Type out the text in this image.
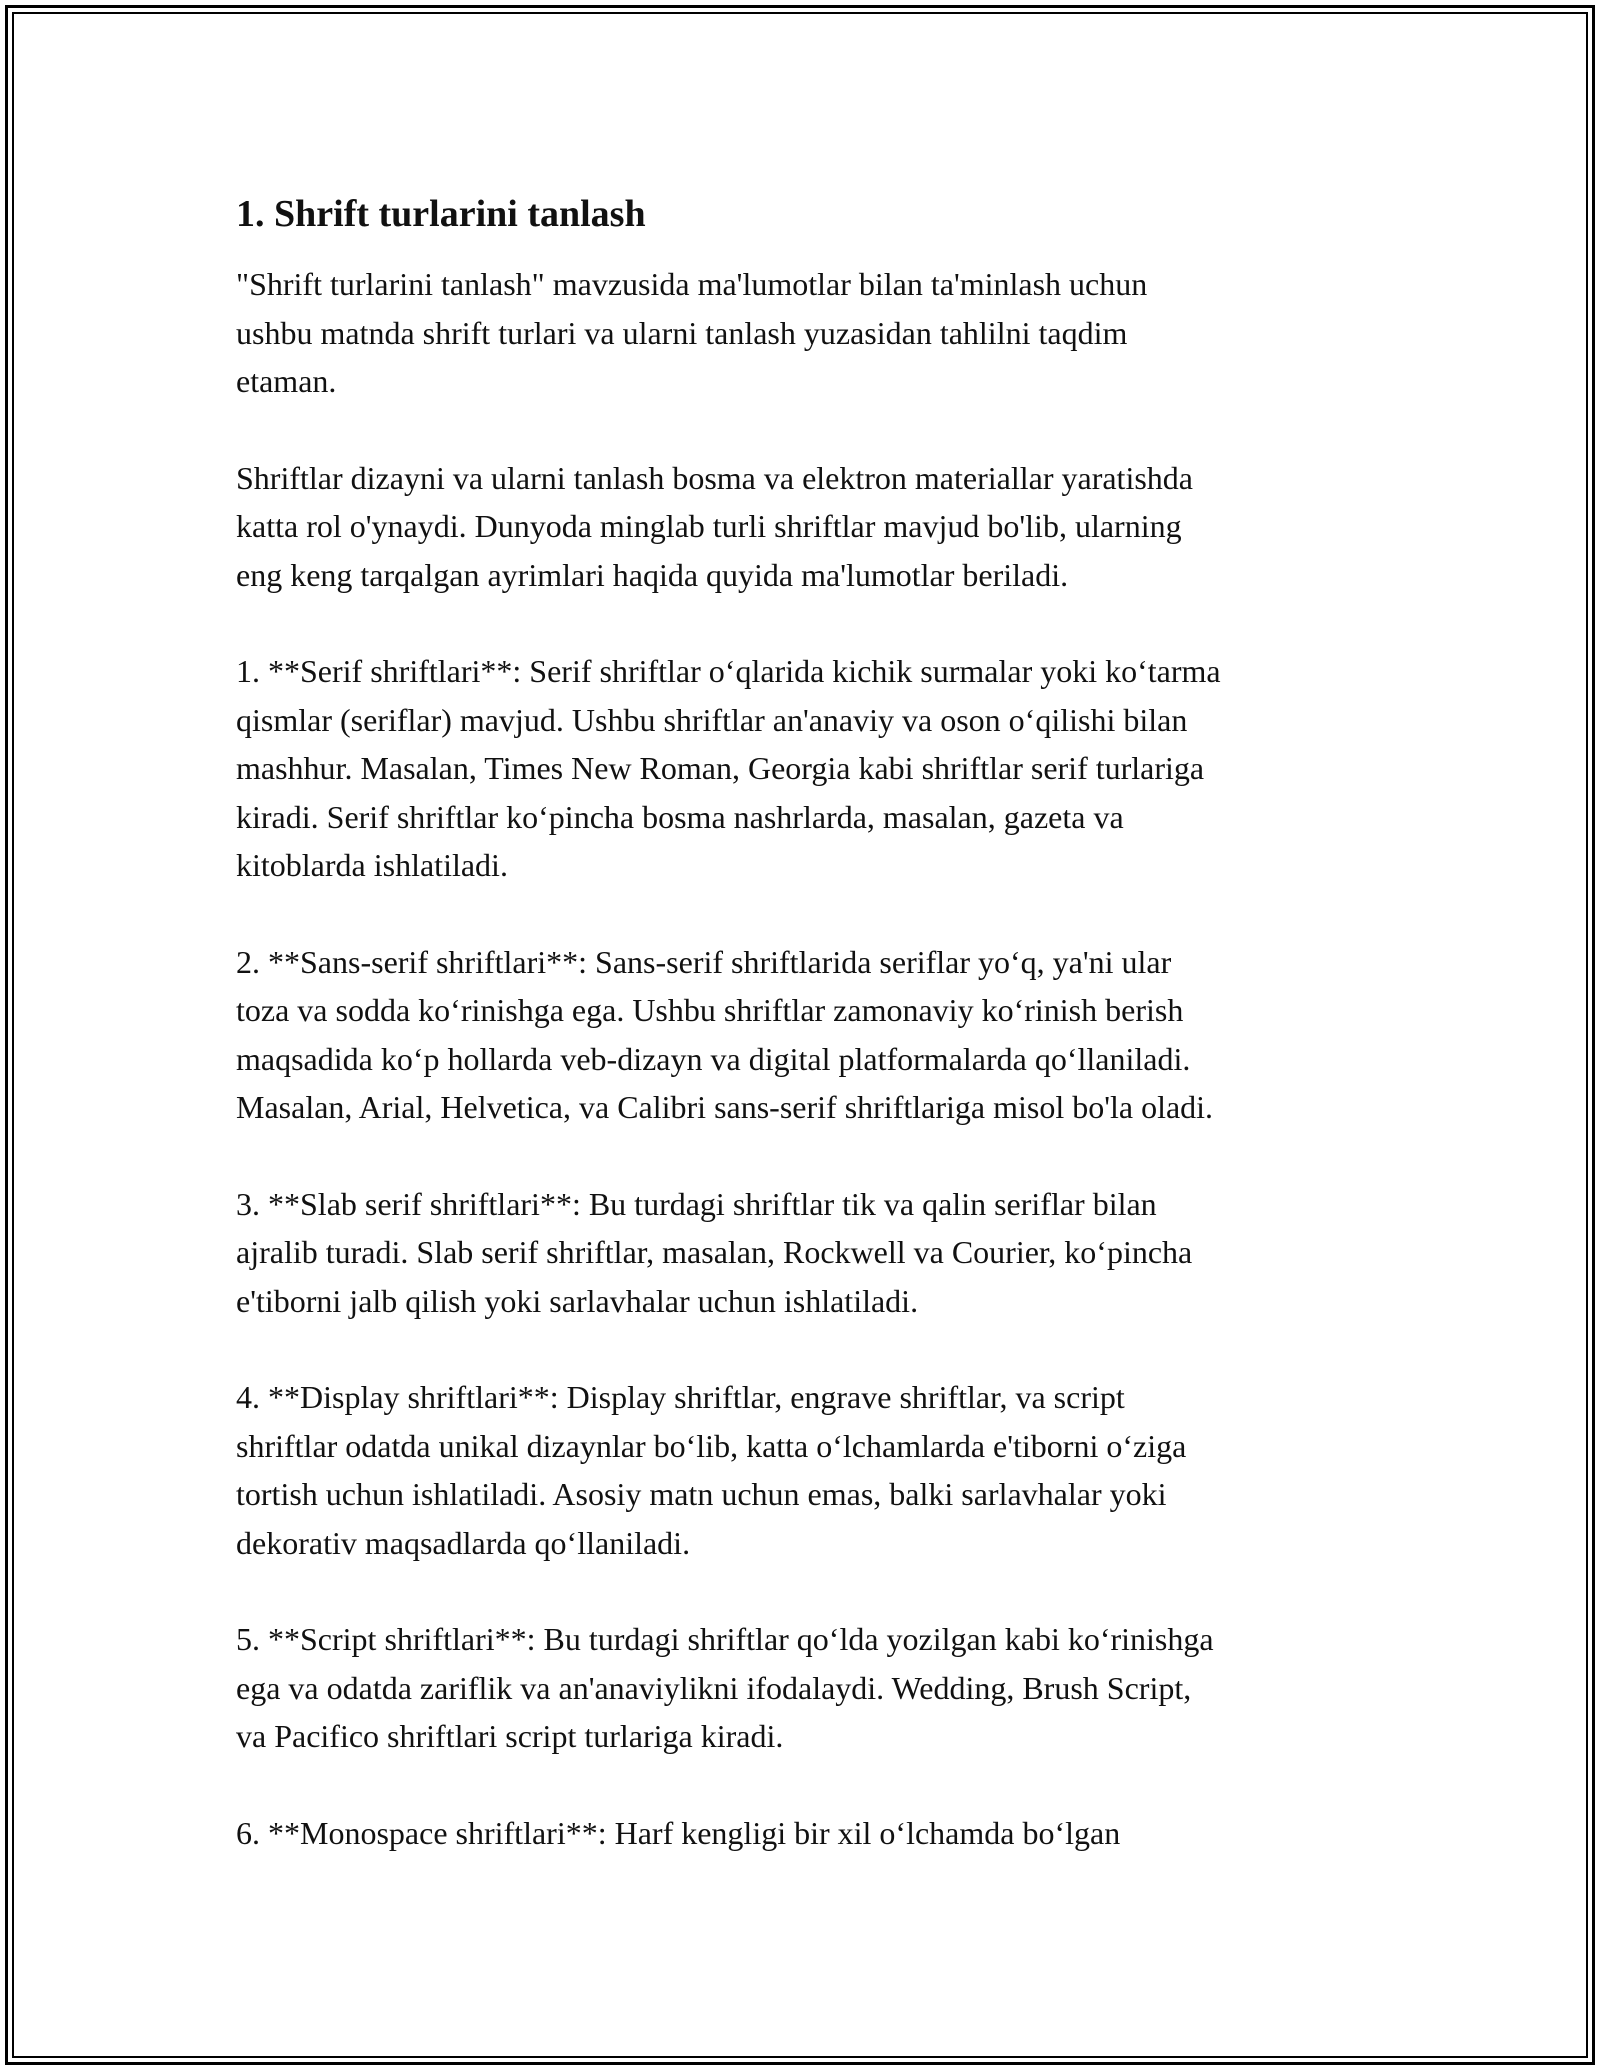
1. Shrift turlarini tanlash

"Shrift turlarini tanlash" mavzusida ma'lumotlar bilan ta'minlash uchun
ushbu matnda shrift turlari va ularni tanlash yuzasidan tahlilni taqdim
etaman.

Shriftlar dizayni va ularni tanlash bosma va elektron materiallar yaratishda
katta rol o'ynaydi. Dunyoda minglab turli shriftlar mavjud bo'lib, ularning
eng keng tarqalgan ayrimlari haqida quyida ma'lumotlar beriladi.

1. **Serif shriftlari**: Serif shriftlar o‘qlarida kichik surmalar yoki ko‘tarma
qismlar (seriflar) mavjud. Ushbu shriftlar an'anaviy va oson o‘qilishi bilan
mashhur. Masalan, Times New Roman, Georgia kabi shriftlar serif turlariga
kiradi. Serif shriftlar ko‘pincha bosma nashrlarda, masalan, gazeta va
kitoblarda ishlatiladi.

2. **Sans-serif shriftlari**: Sans-serif shriftlarida seriflar yo‘q, ya'ni ular
toza va sodda ko‘rinishga ega. Ushbu shriftlar zamonaviy ko‘rinish berish
maqsadida ko‘p hollarda veb-dizayn va digital platformalarda qo‘llaniladi.
Masalan, Arial, Helvetica, va Calibri sans-serif shriftlariga misol bo'la oladi.

3. **Slab serif shriftlari**: Bu turdagi shriftlar tik va qalin seriflar bilan
ajralib turadi. Slab serif shriftlar, masalan, Rockwell va Courier, ko‘pincha
e'tiborni jalb qilish yoki sarlavhalar uchun ishlatiladi.

4. **Display shriftlari**: Display shriftlar, engrave shriftlar, va script
shriftlar odatda unikal dizaynlar bo‘lib, katta o‘lchamlarda e'tiborni o‘ziga
tortish uchun ishlatiladi. Asosiy matn uchun emas, balki sarlavhalar yoki
dekorativ maqsadlarda qo‘llaniladi.

5. **Script shriftlari**: Bu turdagi shriftlar qo‘lda yozilgan kabi ko‘rinishga
ega va odatda zariflik va an'anaviylikni ifodalaydi. Wedding, Brush Script,
va Pacifico shriftlari script turlariga kiradi.

6. **Monospace shriftlari**: Harf kengligi bir xil o‘lchamda bo‘lgan
